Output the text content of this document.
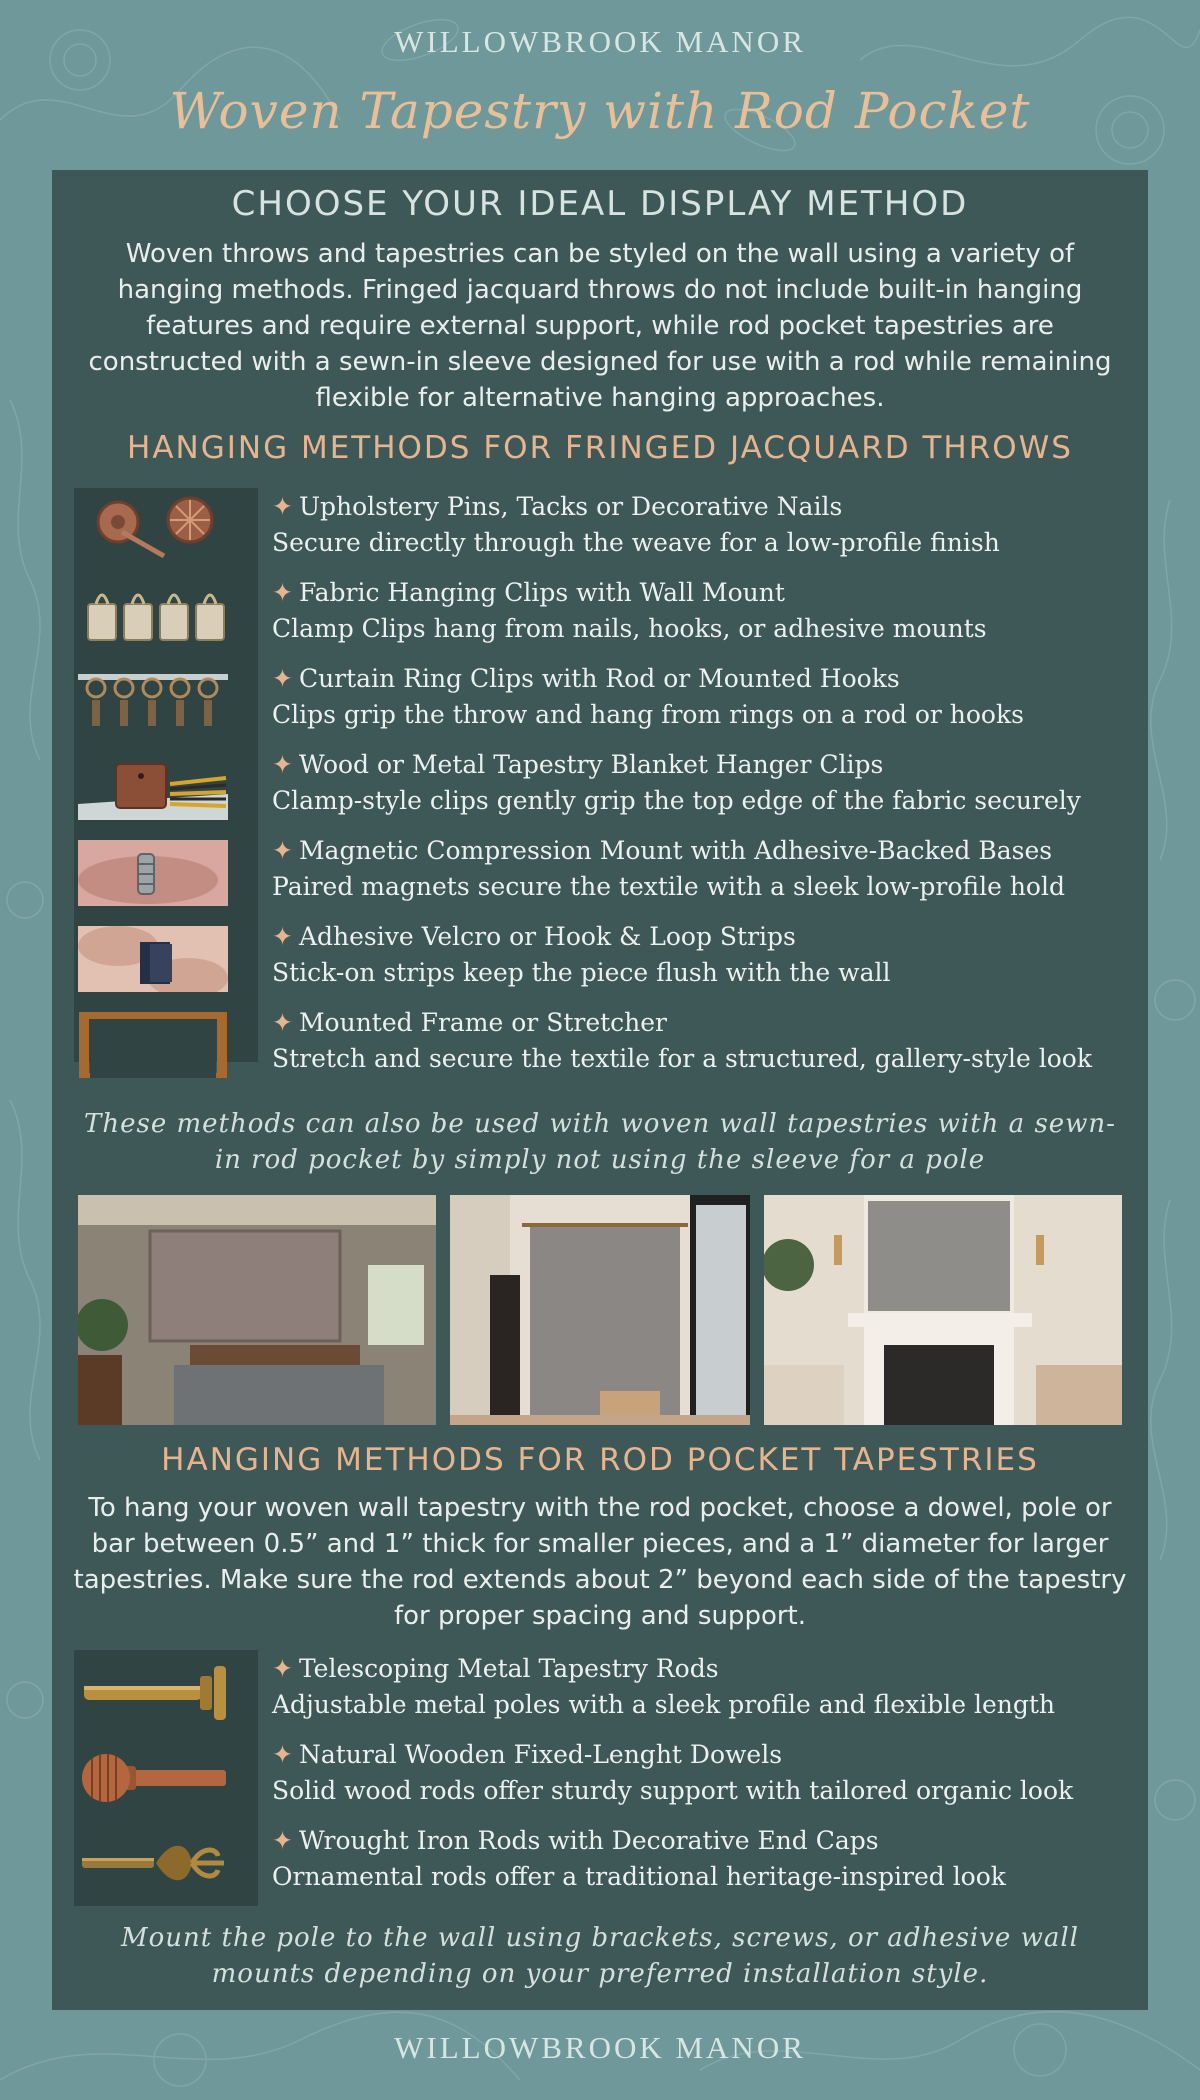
WILLOWBROOK MANOR
Woven Tapestry with Rod Pocket
CHOOSE YOUR IDEAL DISPLAY METHOD
Woven throws and tapestries can be styled on the wall using a variety of hanging methods. Fringed jacquard throws do not include built-in hanging features and require external support, while rod pocket tapestries are constructed with a sewn-in sleeve designed for use with a rod while remaining flexible for alternative hanging approaches.
HANGING METHODS FOR FRINGED JACQUARD THROWS
✦ Upholstery Pins, Tacks or Decorative Nails
Secure directly through the weave for a low-profile finish
✦ Fabric Hanging Clips with Wall Mount
Clamp Clips hang from nails, hooks, or adhesive mounts
✦ Curtain Ring Clips with Rod or Mounted Hooks
Clips grip the throw and hang from rings on a rod or hooks
✦ Wood or Metal Tapestry Blanket Hanger Clips
Clamp-style clips gently grip the top edge of the fabric securely
✦ Magnetic Compression Mount with Adhesive-Backed Bases
Paired magnets secure the textile with a sleek low-profile hold
✦ Adhesive Velcro or Hook & Loop Strips
Stick-on strips keep the piece flush with the wall
✦ Mounted Frame or Stretcher
Stretch and secure the textile for a structured, gallery-style look
These methods can also be used with woven wall tapestries with a sewn-in rod pocket by simply not using the sleeve for a pole
HANGING METHODS FOR ROD POCKET TAPESTRIES
To hang your woven wall tapestry with the rod pocket, choose a dowel, pole or bar between 0.5” and 1” thick for smaller pieces, and a 1” diameter for larger tapestries. Make sure the rod extends about 2” beyond each side of the tapestry for proper spacing and support.
✦ Telescoping Metal Tapestry Rods
Adjustable metal poles with a sleek profile and flexible length
✦ Natural Wooden Fixed-Lenght Dowels
Solid wood rods offer sturdy support with tailored organic look
✦ Wrought Iron Rods with Decorative End Caps
Ornamental rods offer a traditional heritage-inspired look
Mount the pole to the wall using brackets, screws, or adhesive wall mounts depending on your preferred installation style.
WILLOWBROOK MANOR
